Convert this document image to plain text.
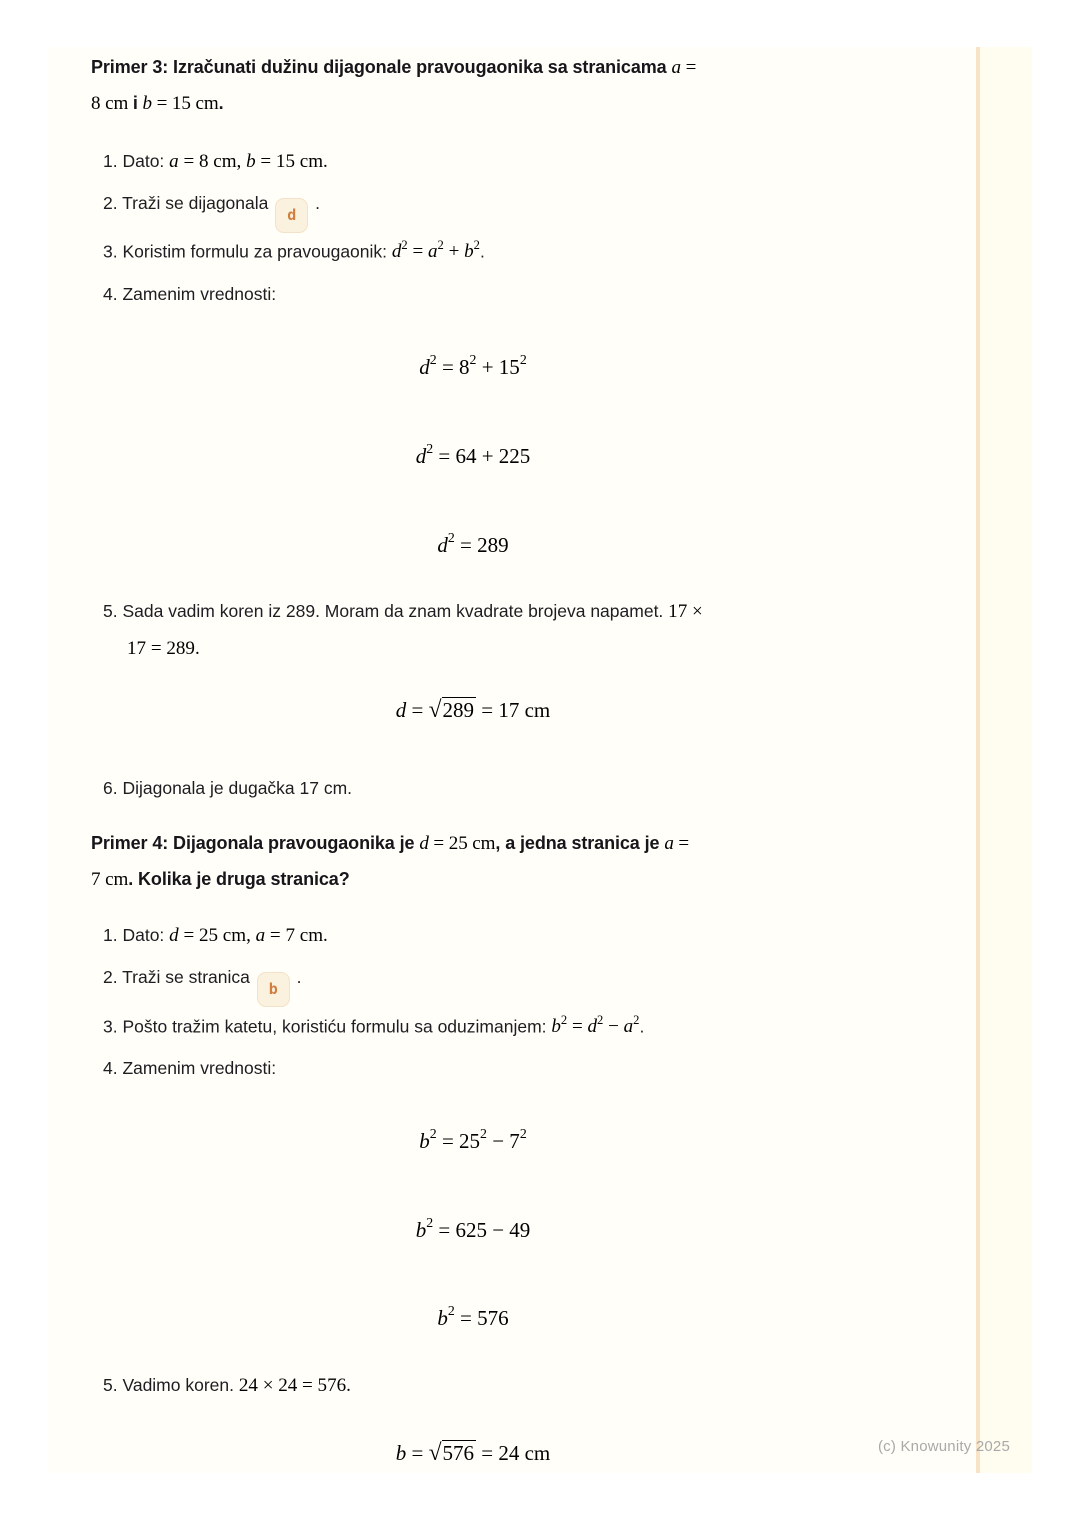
Primer 3: Izračunati dužinu dijagonale pravougaonika sa stranicama a =
8 cm i b = 15 cm.
1. Dato: a = 8 cm, b = 15 cm.
2. Traži se dijagonala d .
3. Koristim formulu za pravougaonik: $d^2 = a^2 + b^2$.
4. Zamenim vrednosti:
$d^2 = 8^2 + 15^2$
$d^2 = 64 + 225$
$d^2 = 289$
5. Sada vadim koren iz 289. Moram da znam kvadrate brojeva napamet. 17 ×
17 = 289.
d = √289 = 17 cm
6. Dijagonala je dugačka 17 cm.
Primer 4: Dijagonala pravougaonika je d = 25 cm, a jedna stranica je a =
7 cm. Kolika je druga stranica?
1. Dato: d = 25 cm, a = 7 cm.
2. Traži se stranica b .
3. Pošto tražim katetu, koristiću formulu sa oduzimanjem: $b^2 = d^2 - a^2$.
4. Zamenim vrednosti:
$b^2 = 25^2 - 7^2$
$b^2 = 625 - 49$
$b^2 = 576$
5. Vadimo koren. 24 × 24 = 576.
b = √576 = 24 cm	(c) Knowunity 2025
